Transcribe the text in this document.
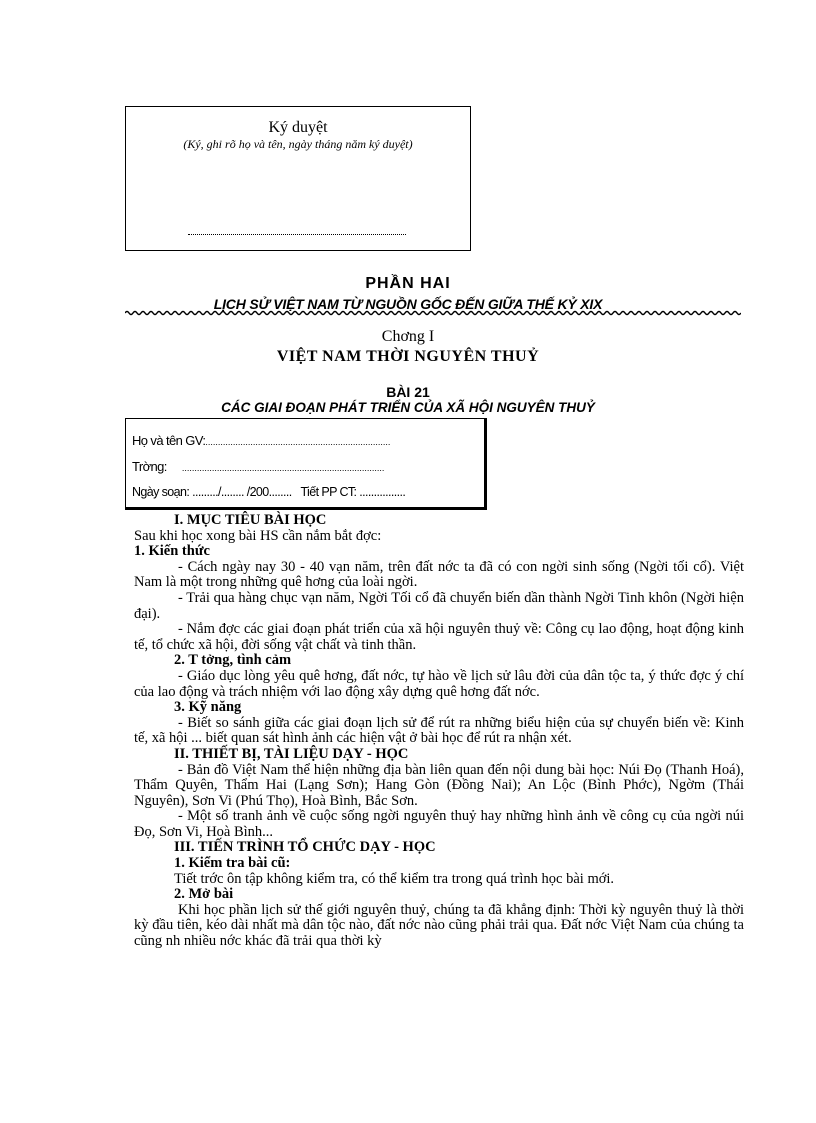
Ký duyệt
(Ký, ghi rõ họ và tên, ngày tháng năm ký duyệt)
PHẦN HAI
LỊCH SỬ VIỆT NAM TỪ NGUỒN GỐC ĐẾN GIỮA THẾ KỶ XIX
Chơng I
VIỆT NAM THỜI NGUYÊN THUỶ
BÀI 21
CÁC GIAI ĐOẠN PHÁT TRIỂN CỦA XÃ HỘI NGUYÊN THUỶ
Họ và tên GV:..........................................................................
Trờng: .................................................................................
Ngày soạn: ........./........ /200........ Tiết PP CT: ................

I. MỤC TIÊU BÀI HỌC

Sau khi học xong bài HS cần nắm bắt đợc:

1. Kiến thức

- Cách ngày nay 30 - 40 vạn năm, trên đất nớc ta đã có con ngời sinh sống (Ngời tối cổ). Việt Nam là một trong những quê hơng của loài ngời.

- Trải qua hàng chục vạn năm, Ngời Tối cổ đã chuyển biến dần thành Ngời Tinh khôn (Ngời hiện đại).

- Nắm đợc các giai đoạn phát triển của xã hội nguyên thuỷ về: Công cụ lao động, hoạt động kinh tế, tổ chức xã hội, đời sống vật chất và tinh thần.

2. T tởng, tình cảm

- Giáo dục lòng yêu quê hơng, đất nớc, tự hào về lịch sử lâu đời của dân tộc ta, ý thức đợc ý chí của lao động và trách nhiệm với lao động xây dựng quê hơng đất nớc.

3. Kỹ năng

- Biết so sánh giữa các giai đoạn lịch sử để rút ra những biểu hiện của sự chuyển biến về: Kinh tế, xã hội ... biết quan sát hình ảnh các hiện vật ở bài học để rút ra nhận xét.

II. THIẾT BỊ, TÀI LIỆU DẠY - HỌC

- Bản đồ Việt Nam thể hiện những địa bàn liên quan đến nội dung bài học: Núi Đọ (Thanh Hoá), Thẩm Quyên, Thẩm Hai (Lạng Sơn); Hang Gòn (Đồng Nai); An Lộc (Bình Phớc), Ngờm (Thái Nguyên), Sơn Vi (Phú Thọ), Hoà Bình, Bắc Sơn.

- Một số tranh ảnh về cuộc sống ngời nguyên thuỷ hay những hình ảnh về công cụ của ngời núi Đọ, Sơn Vi, Hoà Bình...

III. TIẾN TRÌNH TỔ CHỨC DẠY - HỌC

1. Kiểm tra bài cũ:

Tiết trớc ôn tập không kiểm tra, có thể kiểm tra trong quá trình học bài mới.

2. Mở bài

Khi học phần lịch sử thế giới nguyên thuỷ, chúng ta đã khẳng định: Thời kỳ nguyên thuỷ là thời kỳ đầu tiên, kéo dài nhất mà dân tộc nào, đất nớc nào cũng phải trải qua. Đất nớc Việt Nam của chúng ta cũng nh nhiều nớc khác đã trải qua thời kỳ
